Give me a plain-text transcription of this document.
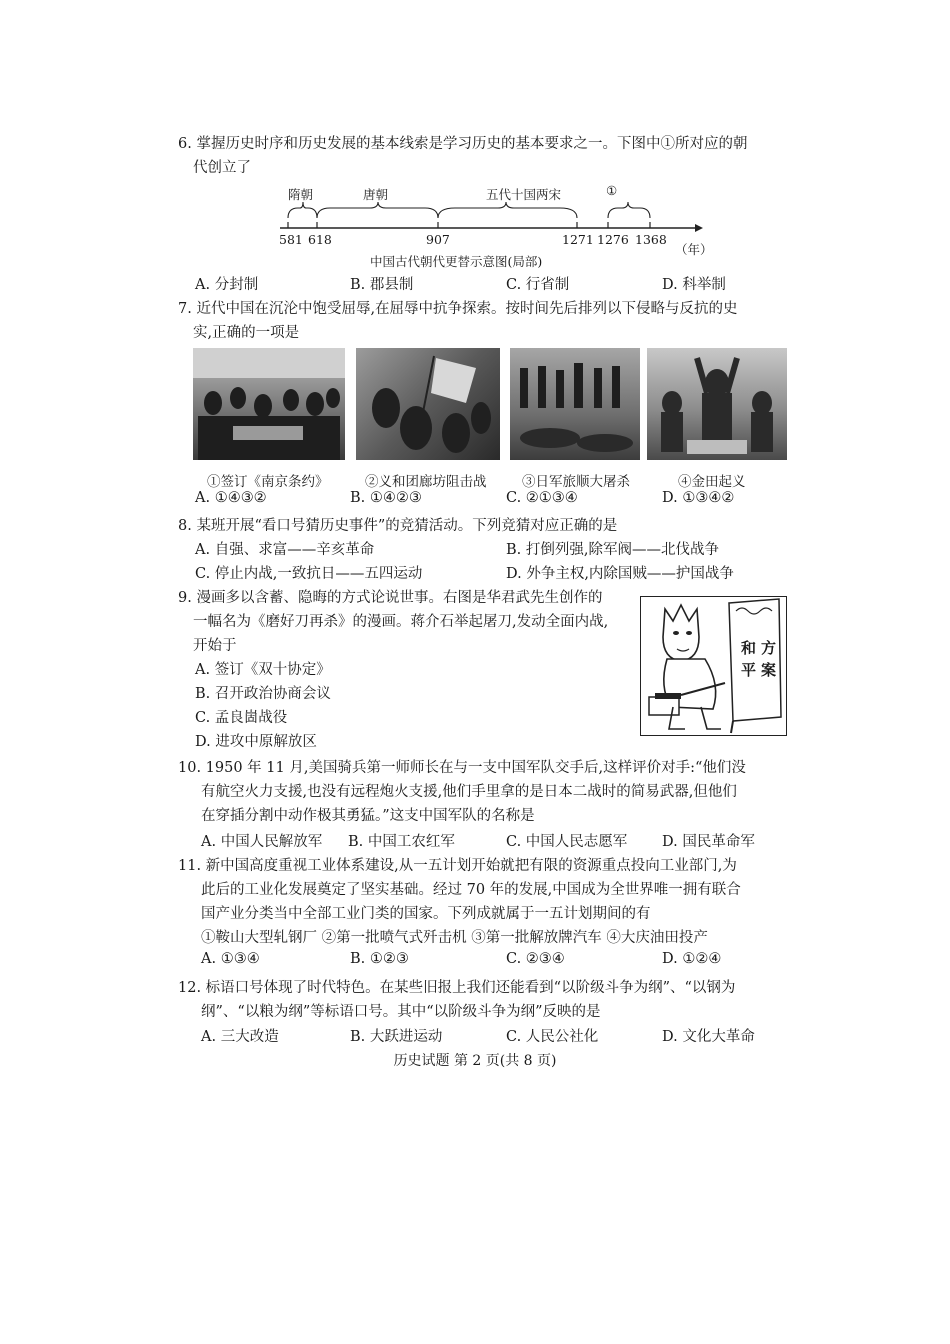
6. 掌握历史时序和历史发展的基本线索是学习历史的基本要求之一。下图中①所对应的朝
代创立了
隋朝	唐朝	五代十国两宋	①
581 618	907	1271 1276 1368
（年）
中国古代朝代更替示意图(局部)
A. 分封制	B. 郡县制	C. 行省制	D. 科举制
7. 近代中国在沉沦中饱受屈辱,在屈辱中抗争探索。按时间先后排列以下侵略与反抗的史
实,正确的一项是
①签订《南京条约》	②义和团廊坊阻击战	③日军旅顺大屠杀	④金田起义
A. ①④③②	B. ①④②③	C. ②①③④	D. ①③④②
8. 某班开展“看口号猜历史事件”的竞猜活动。下列竞猜对应正确的是
A. 自强、求富——辛亥革命	B. 打倒列强,除军阀——北伐战争
C. 停止内战,一致抗日——五四运动	D. 外争主权,内除国贼——护国战争
9. 漫画多以含蓄、隐晦的方式论说世事。右图是华君武先生创作的
一幅名为《磨好刀再杀》的漫画。蒋介石举起屠刀,发动全面内战,
开始于
A. 签订《双十协定》
B. 召开政治协商会议
C. 孟良崮战役
D. 进攻中原解放区
和 方
平 案
10. 1950 年 11 月,美国骑兵第一师师长在与一支中国军队交手后,这样评价对手:“他们没
有航空火力支援,也没有远程炮火支援,他们手里拿的是日本二战时的简易武器,但他们
在穿插分割中动作极其勇猛。”这支中国军队的名称是
A. 中国人民解放军 B. 中国工农红军	C. 中国人民志愿军 D. 国民革命军
11. 新中国高度重视工业体系建设,从一五计划开始就把有限的资源重点投向工业部门,为
此后的工业化发展奠定了坚实基础。经过 70 年的发展,中国成为全世界唯一拥有联合
国产业分类当中全部工业门类的国家。下列成就属于一五计划期间的有
①鞍山大型轧钢厂 ②第一批喷气式歼击机 ③第一批解放牌汽车 ④大庆油田投产
A. ①③④	B. ①②③	C. ②③④	D. ①②④
12. 标语口号体现了时代特色。在某些旧报上我们还能看到“以阶级斗争为纲”、“以钢为
纲”、“以粮为纲”等标语口号。其中“以阶级斗争为纲”反映的是
A. 三大改造	B. 大跃进运动	C. 人民公社化	D. 文化大革命
历史试题 第 2 页(共 8 页)
